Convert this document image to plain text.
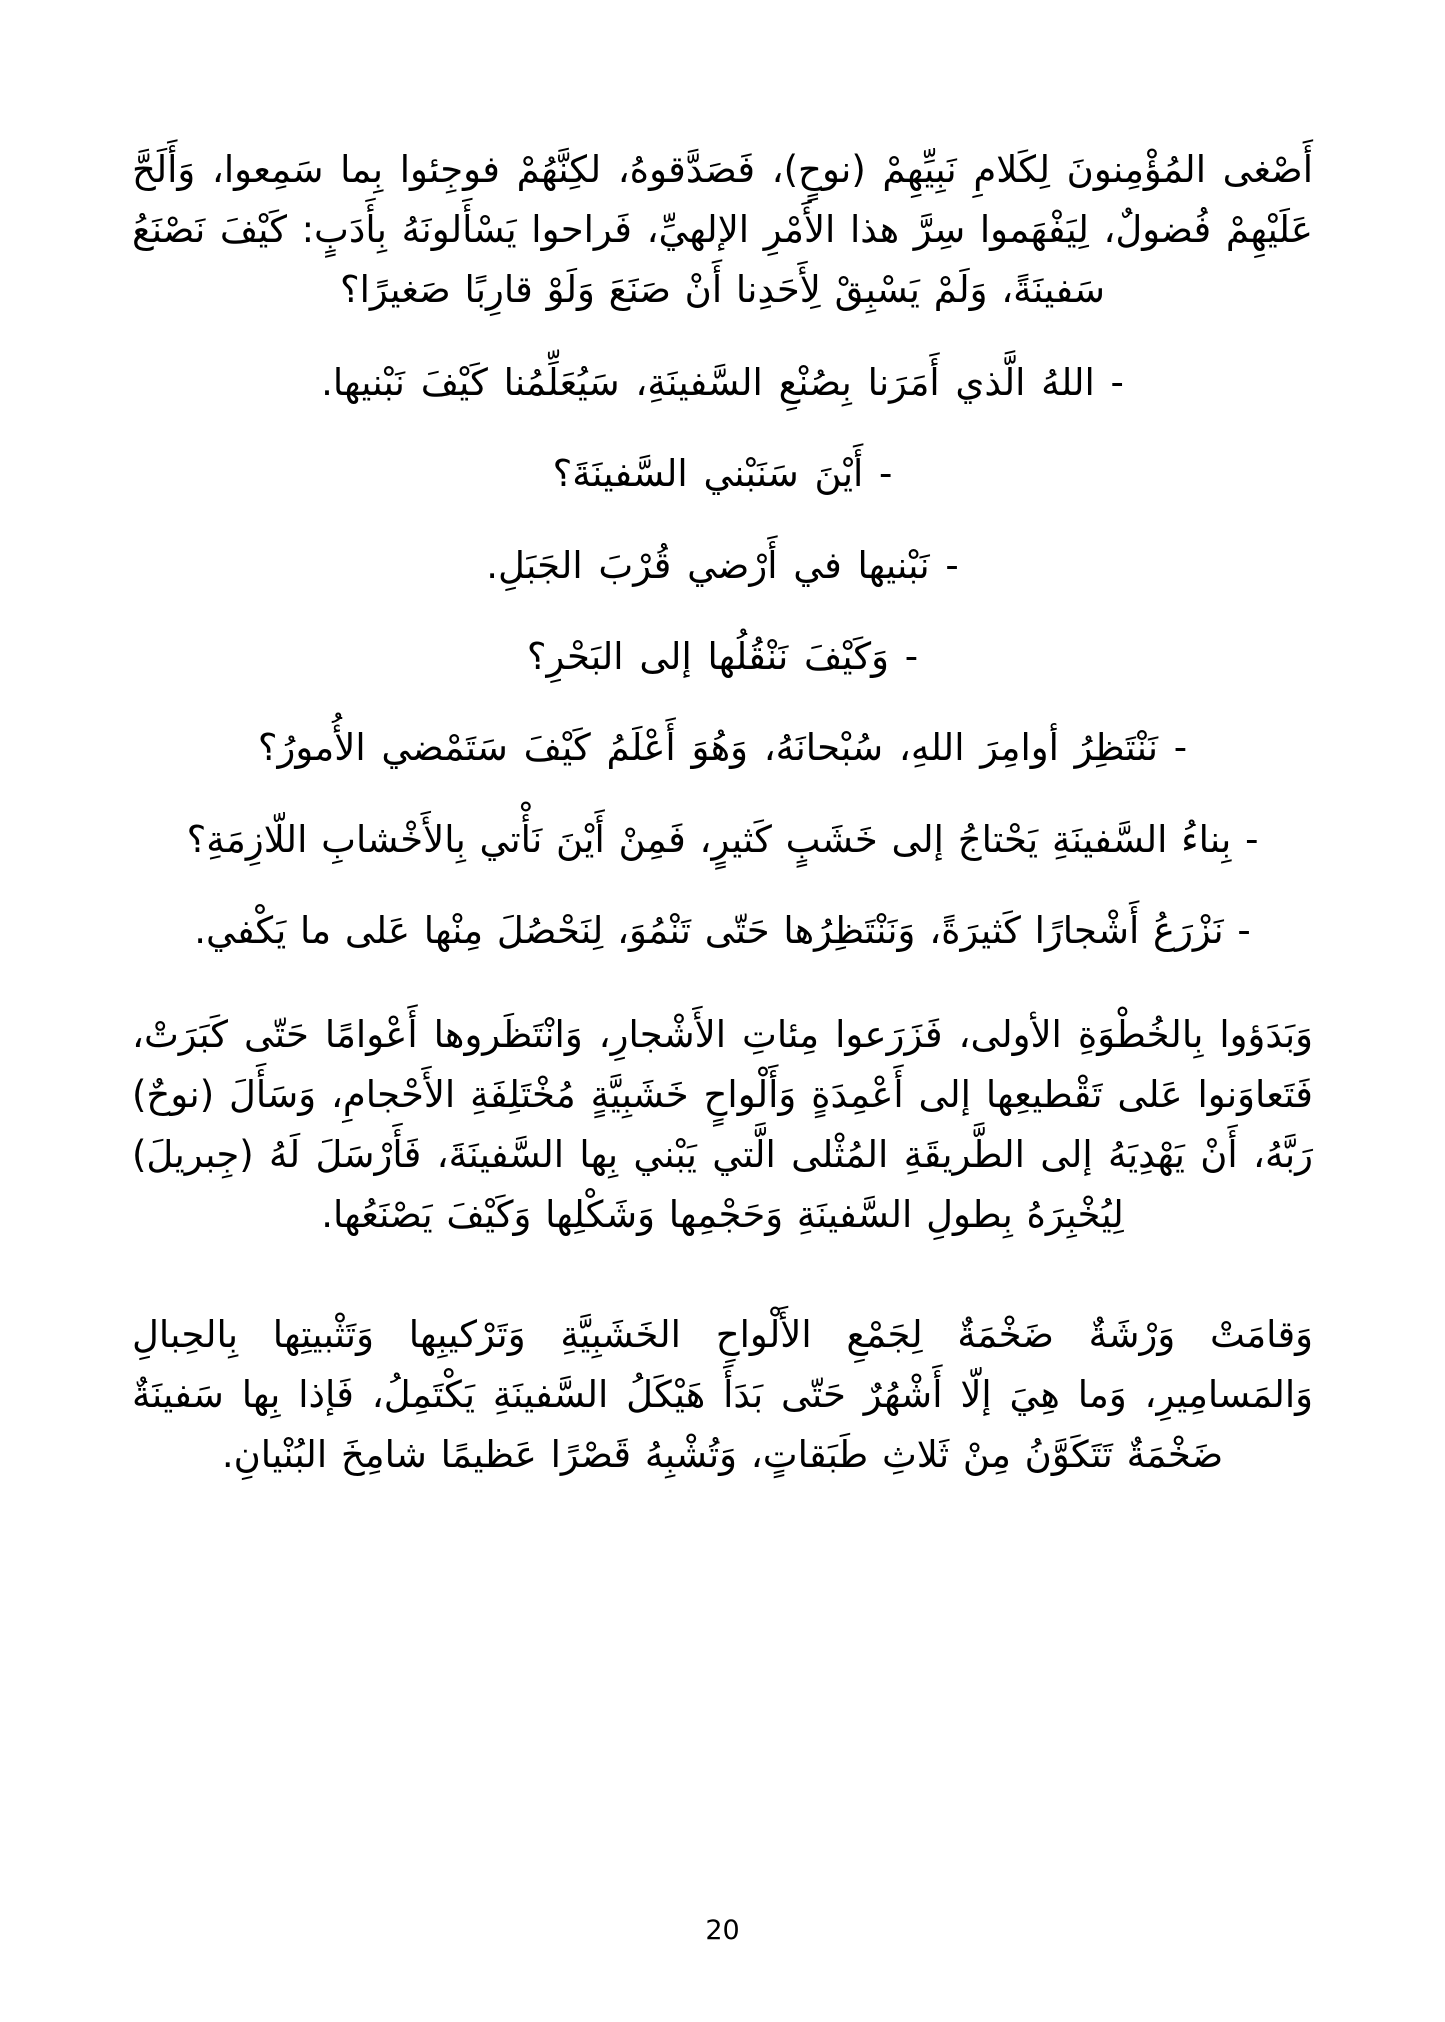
أَصْغى المُؤْمِنونَ لِكَلامِ نَبِيِّهِمْ (نوحٍ)، فَصَدَّقوهُ، لكِنَّهُمْ فوجِئوا بِما سَمِعوا، وَأَلَحَّ عَلَيْهِمْ فُضولٌ، لِيَفْهَموا سِرَّ هذا الأَمْرِ الإلهيِّ، فَراحوا يَسْأَلونَهُ بِأَدَبٍ: كَيْفَ نَصْنَعُ سَفينَةً، وَلَمْ يَسْبِقْ لِأَحَدِنا أَنْ صَنَعَ وَلَوْ قارِبًا صَغيرًا؟

- اللهُ الَّذي أَمَرَنا بِصُنْعِ السَّفينَةِ، سَيُعَلِّمُنا كَيْفَ نَبْنيها.

- أَيْنَ سَنَبْني السَّفينَةَ؟

- نَبْنيها في أَرْضي قُرْبَ الجَبَلِ.

- وَكَيْفَ نَنْقُلُها إلى البَحْرِ؟

- نَنْتَظِرُ أوامِرَ اللهِ، سُبْحانَهُ، وَهُوَ أَعْلَمُ كَيْفَ سَتَمْضي الأُمورُ؟

- بِناءُ السَّفينَةِ يَحْتاجُ إلى خَشَبٍ كَثيرٍ، فَمِنْ أَيْنَ نَأْتي بِالأَخْشابِ اللّازِمَةِ؟

- نَزْرَعُ أَشْجارًا كَثيرَةً، وَنَنْتَظِرُها حَتّى تَنْمُوَ، لِنَحْصُلَ مِنْها عَلى ما يَكْفي.

وَبَدَؤوا بِالخُطْوَةِ الأولى، فَزَرَعوا مِئاتِ الأَشْجارِ، وَانْتَظَروها أَعْوامًا حَتّى كَبَرَتْ، فَتَعاوَنوا عَلى تَقْطيعِها إلى أَعْمِدَةٍ وَأَلْواحٍ خَشَبِيَّةٍ مُخْتَلِفَةِ الأَحْجامِ، وَسَأَلَ (نوحٌ) رَبَّهُ، أَنْ يَهْدِيَهُ إلى الطَّريقَةِ المُثْلى الَّتي يَبْني بِها السَّفينَةَ، فَأَرْسَلَ لَهُ (جِبريلَ) لِيُخْبِرَهُ بِطولِ السَّفينَةِ وَحَجْمِها وَشَكْلِها وَكَيْفَ يَصْنَعُها.

وَقامَتْ وَرْشَةٌ ضَخْمَةٌ لِجَمْعِ الأَلْواحِ الخَشَبِيَّةِ وَتَرْكيبِها وَتَثْبيتِها بِالحِبالِ وَالمَسامِيرِ، وَما هِيَ إلّا أَشْهُرٌ حَتّى بَدَأَ هَيْكَلُ السَّفينَةِ يَكْتَمِلُ، فَإذا بِها سَفينَةٌ ضَخْمَةٌ تَتَكَوَّنُ مِنْ ثَلاثِ طَبَقاتٍ، وَتُشْبِهُ قَصْرًا عَظيمًا شامِخَ البُنْيانِ.

20
